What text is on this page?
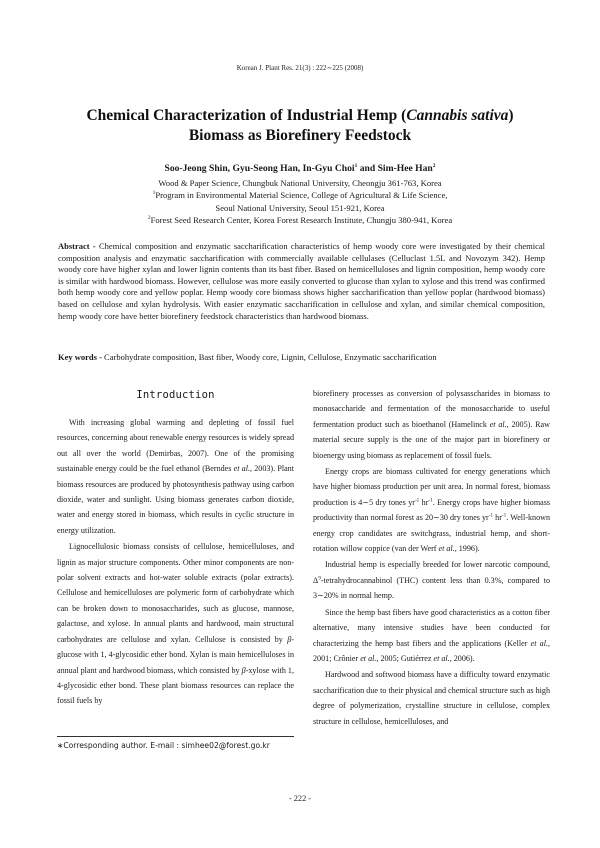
Korean J. Plant Res. 21(3) : 222∼225 (2008)
Chemical Characterization of Industrial Hemp (Cannabis sativa)
Biomass as Biorefinery Feedstock
Soo-Jeong Shin, Gyu-Seong Han, In-Gyu Choi$^1$ and Sim-Hee Han$^2$
Wood & Paper Science, Chungbuk National University, Cheongju 361-763, Korea
$^1$Program in Environmental Material Science, College of Agricultural & Life Science,
Seoul National University, Seoul 151-921, Korea
$^2$Forest Seed Research Center, Korea Forest Research Institute, Chungju 380-941, Korea
Abstract - Chemical composition and enzymatic saccharification characteristics of hemp woody core were investigated by their chemical composition analysis and enzymatic saccharification with commercially available cellulases (Celluclast 1.5L and Novozym 342). Hemp woody core have higher xylan and lower lignin contents than its bast fiber. Based on hemicelluloses and lignin composition, hemp woody core is similar with hardwood biomass. However, cellulose was more easily converted to glucose than xylan to xylose and this trend was confirmed both hemp woody core and yellow poplar. Hemp woody core biomass shows higher saccharification than yellow poplar (hardwood biomass) based on cellulose and xylan hydrolysis. With easier enzymatic saccharification in cellulose and xylan, and similar chemical composition, hemp woody core have better biorefinery feedstock characteristics than hardwood biomass.
Key words - Carbohydrate composition, Bast fiber, Woody core, Lignin, Cellulose, Enzymatic saccharification
Introduction

With increasing global warming and depleting of fossil fuel resources, concerning about renewable energy resources is widely spread out all over the world (Demirbas, 2007). One of the promising sustainable energy could be the fuel ethanol (Berndes et al., 2003). Plant biomass resources are produced by photosynthesis pathway using carbon dioxide, water and sunlight. Using biomass generates carbon dioxide, water and energy stored in biomass, which results in cyclic structure in energy utilization.

Lignocellulosic biomass consists of cellulose, hemicelluloses, and lignin as major structure components. Other minor components are non-polar solvent extracts and hot-water soluble extracts (polar extracts). Cellulose and hemicelluloses are polymeric form of carbohydrate which can be broken down to monosaccharides, such as glucose, mannose, galactose, and xylose. In annual plants and hardwood, main structural carbohydrates are cellulose and xylan. Cellulose is consisted by β-glucose with 1, 4-glycosidic ether bond. Xylan is main hemicelluloses in annual plant and hardwood biomass, which consisted by β-xylose with 1, 4-glycosidic ether bond. These plant biomass resources can replace the fossil fuels by

biorefinery processes as conversion of polysasscharides in biomass to monosaccharide and fermentation of the monosaccharide to useful fermentation product such as bioethanol (Hamelinck et al., 2005). Raw material secure supply is the one of the major part in biorefinery or bioenergy using biomass as replacement of fossil fuels.

Energy crops are biomass cultivated for energy generations which have higher biomass production per unit area. In normal forest, biomass production is 4∼5 dry tones $yr^{-1}$ $hr^{-1}$. Energy crops have higher biomass productivity than normal forest as 20∼30 dry tones $yr^{-1}$ $hr^{-1}$. Well-known energy crop candidates are switchgrass, industrial hemp, and short-rotation willow coppice (van der Werf et al., 1996).

Industrial hemp is especially breeded for lower narcotic compound, $\Delta^9$-tetrahydrocannabinol (THC) content less than 0.3%, compared to 3∼20% in normal hemp.

Since the hemp bast fibers have good characteristics as a cotton fiber alternative, many intensive studies have been conducted for characterizing the hemp bast fibers and the applications (Keller et al., 2001; Crônier et al., 2005; Gutiérrez et al., 2006).

Hardwood and softwood biomass have a difficulty toward enzymatic saccharification due to their physical and chemical structure such as high degree of polymerization, crystalline structure in cellulose, complex structure in cellulose, hemicelluloses, and

∗Corresponding author. E-mail : simhee02@forest.go.kr
- 222 -
